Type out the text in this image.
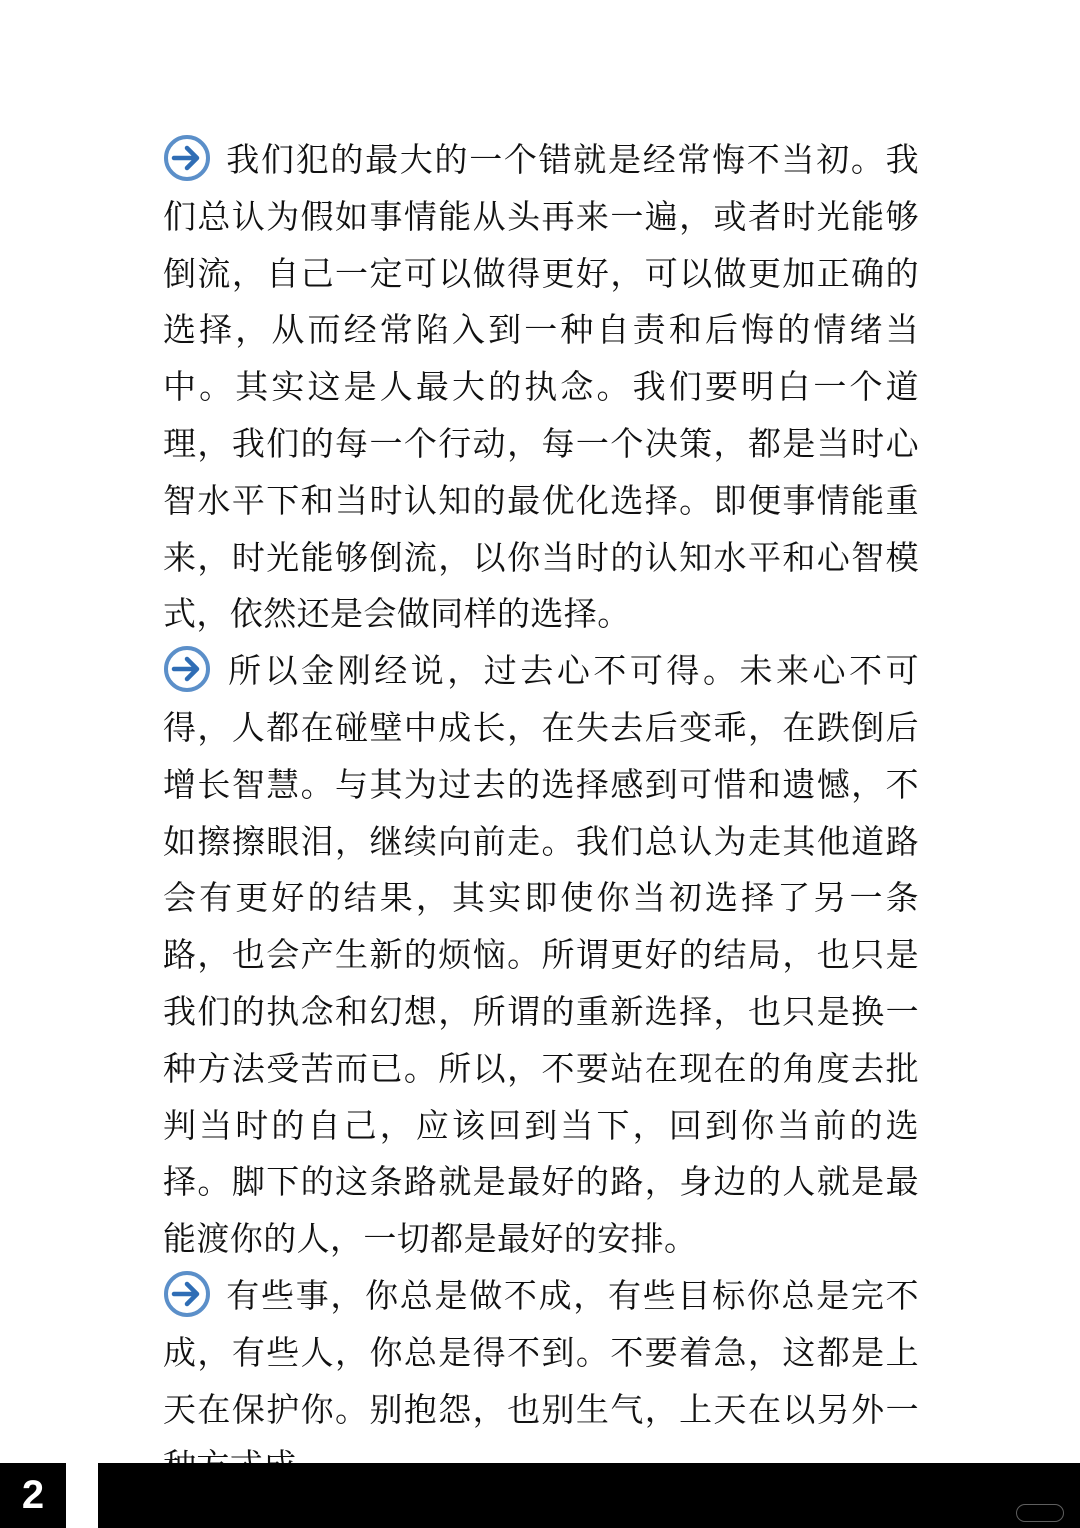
我们犯的最大的一个错就是经常悔不当初。我们总认为假如事情能从头再来一遍，或者时光能够倒流，自己一定可以做得更好，可以做更加正确的选择，从而经常陷入到一种自责和后悔的情绪当中。其实这是人最大的执念。我们要明白一个道理，我们的每一个行动，每一个决策，都是当时心智水平下和当时认知的最优化选择。即便事情能重来，时光能够倒流，以你当时的认知水平和心智模式，依然还是会做同样的选择。

所以金刚经说，过去心不可得。未来心不可得，人都在碰壁中成长，在失去后变乖，在跌倒后增长智慧。与其为过去的选择感到可惜和遗憾，不如擦擦眼泪，继续向前走。我们总认为走其他道路会有更好的结果，其实即使你当初选择了另一条路，也会产生新的烦恼。所谓更好的结局，也只是我们的执念和幻想，所谓的重新选择，也只是换一种方法受苦而已。所以，不要站在现在的角度去批判当时的自己，应该回到当下，回到你当前的选择。脚下的这条路就是最好的路，身边的人就是最能渡你的人，一切都是最好的安排。

有些事，你总是做不成，有些目标你总是完不成，有些人，你总是得不到。不要着急，这都是上天在保护你。别抱怨，也别生气，上天在以另外一

2
